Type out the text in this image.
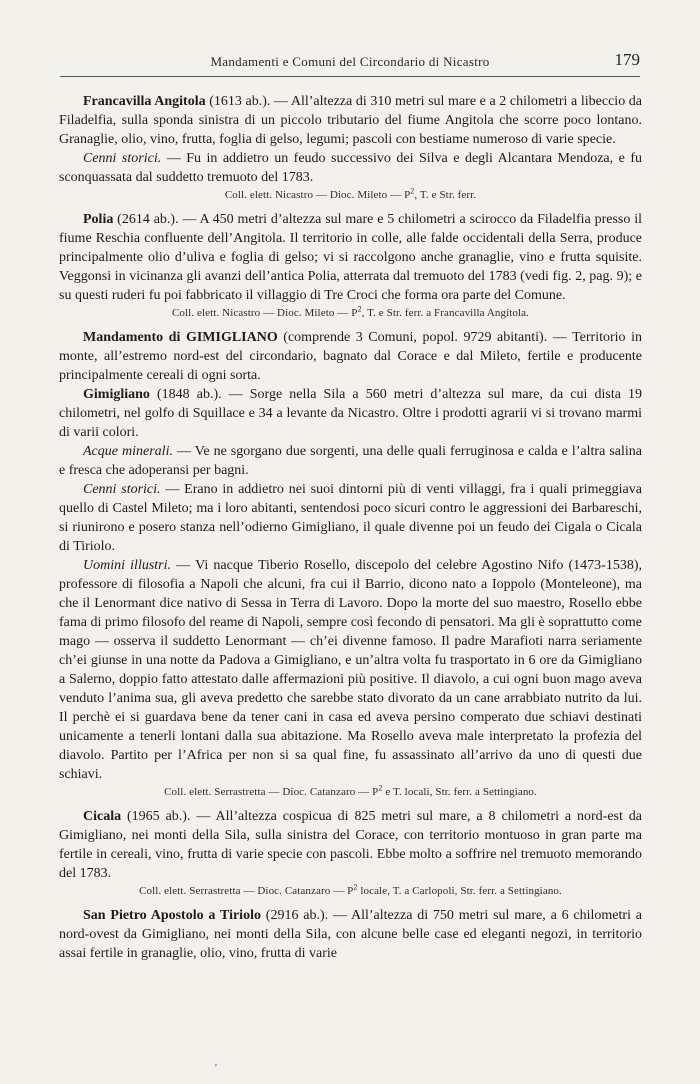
Mandamenti e Comuni del Circondario di Nicastro	179

Francavilla Angitola (1613 ab.). — All’altezza di 310 metri sul mare e a 2 chilometri a libeccio da Filadelfia, sulla sponda sinistra di un piccolo tributario del fiume Angitola che scorre poco lontano. Granaglie, olio, vino, frutta, foglia di gelso, legumi; pascoli con bestiame numeroso di varie specie.

Cenni storici. — Fu in addietro un feudo successivo dei Silva e degli Alcantara Mendoza, e fu sconquassata dal suddetto tremuoto del 1783.

Coll. elett. Nicastro — Dioc. Mileto — $P^2$, T. e Str. ferr.

Polia (2614 ab.). — A 450 metri d’altezza sul mare e 5 chilometri a scirocco da Filadelfia presso il fiume Reschia confluente dell’Angitola. Il territorio in colle, alle falde occidentali della Serra, produce principalmente olio d’uliva e foglia di gelso; vi si raccolgono anche granaglie, vino e frutta squisite. Veggonsi in vicinanza gli avanzi dell’antica Polia, atterrata dal tremuoto del 1783 (vedi fig. 2, pag. 9); e su questi ruderi fu poi fabbricato il villaggio di Tre Croci che forma ora parte del Comune.

Coll. elett. Nicastro — Dioc. Mileto — $P^2$, T. e Str. ferr. a Francavilla Angitola.

Mandamento di GIMIGLIANO (comprende 3 Comuni, popol. 9729 abitanti). — Territorio in monte, all’estremo nord-est del circondario, bagnato dal Corace e dal Mileto, fertile e producente principalmente cereali di ogni sorta.

Gimigliano (1848 ab.). — Sorge nella Sila a 560 metri d’altezza sul mare, da cui dista 19 chilometri, nel golfo di Squillace e 34 a levante da Nicastro. Oltre i prodotti agrarii vi si trovano marmi di varii colori.

Acque minerali. — Ve ne sgorgano due sorgenti, una delle quali ferruginosa e calda e l’altra salina e fresca che adoperansi per bagni.

Cenni storici. — Erano in addietro nei suoi dintorni più di venti villaggi, fra i quali primeggiava quello di Castel Mileto; ma i loro abitanti, sentendosi poco sicuri contro le aggressioni dei Barbareschi, si riunirono e posero stanza nell’odierno Gimigliano, il quale divenne poi un feudo dei Cigala o Cicala di Tiriolo.

Uomini illustri. — Vi nacque Tiberio Rosello, discepolo del celebre Agostino Nifo (1473-1538), professore di filosofia a Napoli che alcuni, fra cui il Barrio, dicono nato a Ioppolo (Monteleone), ma che il Lenormant dice nativo di Sessa in Terra di Lavoro. Dopo la morte del suo maestro, Rosello ebbe fama di primo filosofo del reame di Napoli, sempre così fecondo di pensatori. Ma gli è soprattutto come mago — osserva il suddetto Lenormant — ch’ei divenne famoso. Il padre Marafioti narra seriamente ch’ei giunse in una notte da Padova a Gimigliano, e un’altra volta fu trasportato in 6 ore da Gimigliano a Salerno, doppio fatto attestato dalle affermazioni più positive. Il diavolo, a cui ogni buon mago aveva venduto l’anima sua, gli aveva predetto che sarebbe stato divorato da un cane arrabbiato nutrito da lui. Il perchè ei si guardava bene da tener cani in casa ed aveva persino comperato due schiavi destinati unicamente a tenerli lontani dalla sua abitazione. Ma Rosello aveva male interpretato la profezia del diavolo. Partito per l’Africa per non si sa qual fine, fu assassinato all’arrivo da uno di questi due schiavi.

Coll. elett. Serrastretta — Dioc. Catanzaro — $P^2$ e T. locali, Str. ferr. a Settingiano.

Cicala (1965 ab.). — All’altezza cospicua di 825 metri sul mare, a 8 chilometri a nord-est da Gimigliano, nei monti della Sila, sulla sinistra del Corace, con territorio montuoso in gran parte ma fertile in cereali, vino, frutta di varie specie con pascoli. Ebbe molto a soffrire nel tremuoto memorando del 1783.

Coll. elett. Serrastretta — Dioc. Catanzaro — $P^2$ locale, T. a Carlopoli, Str. ferr. a Settingiano.

San Pietro Apostolo a Tiriolo (2916 ab.). — All’altezza di 750 metri sul mare, a 6 chilometri a nord-ovest da Gimigliano, nei monti della Sila, con alcune belle case ed eleganti negozi, in territorio assai fertile in granaglie, olio, vino, frutta di varie

’
